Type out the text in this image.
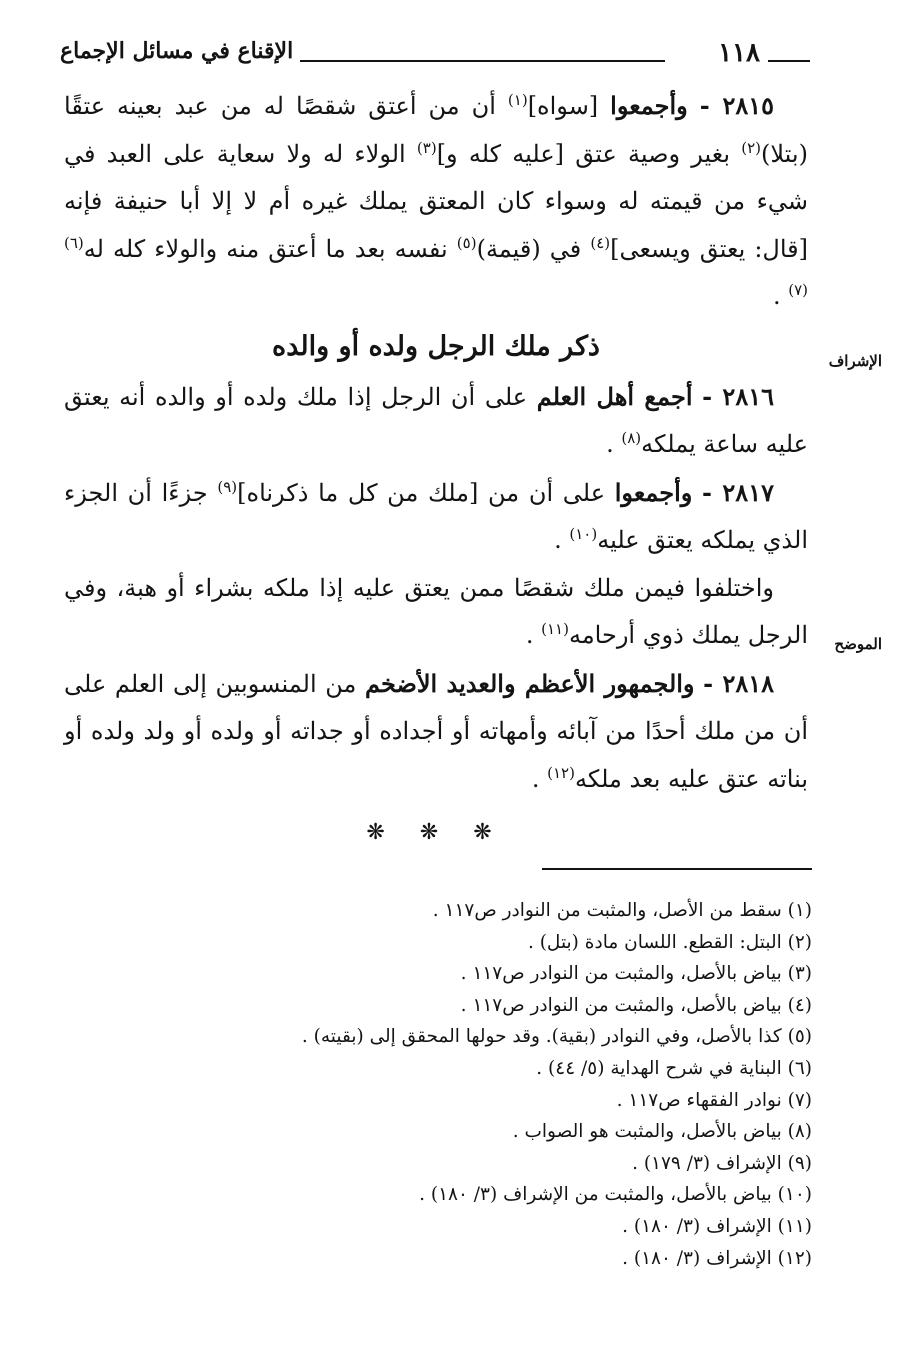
١١٨
الإقناع في مسائل الإجماع

٢٨١٥ - وأجمعوا [سواه]$^{(١)}$ أن من أعتق شقصًا له من عبد بعينه عتقًا (بتلا)$^{(٢)}$ بغير وصية عتق [عليه كله و]$^{(٣)}$ الولاء له ولا سعاية على العبد في شيء من قيمته له وسواء كان المعتق يملك غيره أم لا إلا أبا حنيفة فإنه [قال: يعتق ويسعى]$^{(٤)}$ في (قيمة)$^{(٥)}$ نفسه بعد ما أعتق منه والولاء كله له$^{(٦)(٧)}$ .

ذكر ملك الرجل ولده أو والده

٢٨١٦ - أجمع أهل العلم على أن الرجل إذا ملك ولده أو والده أنه يعتق عليه ساعة يملكه$^{(٨)}$ .

٢٨١٧ - وأجمعوا على أن من [ملك من كل ما ذكرناه]$^{(٩)}$ جزءًا أن الجزء الذي يملكه يعتق عليه$^{(١٠)}$ .

واختلفوا فيمن ملك شقصًا ممن يعتق عليه إذا ملكه بشراء أو هبة، وفي الرجل يملك ذوي أرحامه$^{(١١)}$ .

٢٨١٨ - والجمهور الأعظم والعديد الأضخم من المنسوبين إلى العلم على أن من ملك أحدًا من آبائه وأمهاته أو أجداده أو جداته أو ولده أو ولد ولده أو بناته عتق عليه بعد ملكه$^{(١٢)}$ .

❋ ❋ ❋

الإشراف
الموضح

(١) سقط من الأصل، والمثبت من النوادر ص١١٧ .

(٢) البتل: القطع. اللسان مادة (بتل) .

(٣) بياض بالأصل، والمثبت من النوادر ص١١٧ .

(٤) بياض بالأصل، والمثبت من النوادر ص١١٧ .

(٥) كذا بالأصل، وفي النوادر (بقية). وقد حولها المحقق إلى (بقيته) .

(٦) البناية في شرح الهداية (٥/ ٤٤) .

(٧) نوادر الفقهاء ص١١٧ .

(٨) بياض بالأصل، والمثبت هو الصواب .

(٩) الإشراف (٣/ ١٧٩) .

(١٠) بياض بالأصل، والمثبت من الإشراف (٣/ ١٨٠) .

(١١) الإشراف (٣/ ١٨٠) .

(١٢) الإشراف (٣/ ١٨٠) .
